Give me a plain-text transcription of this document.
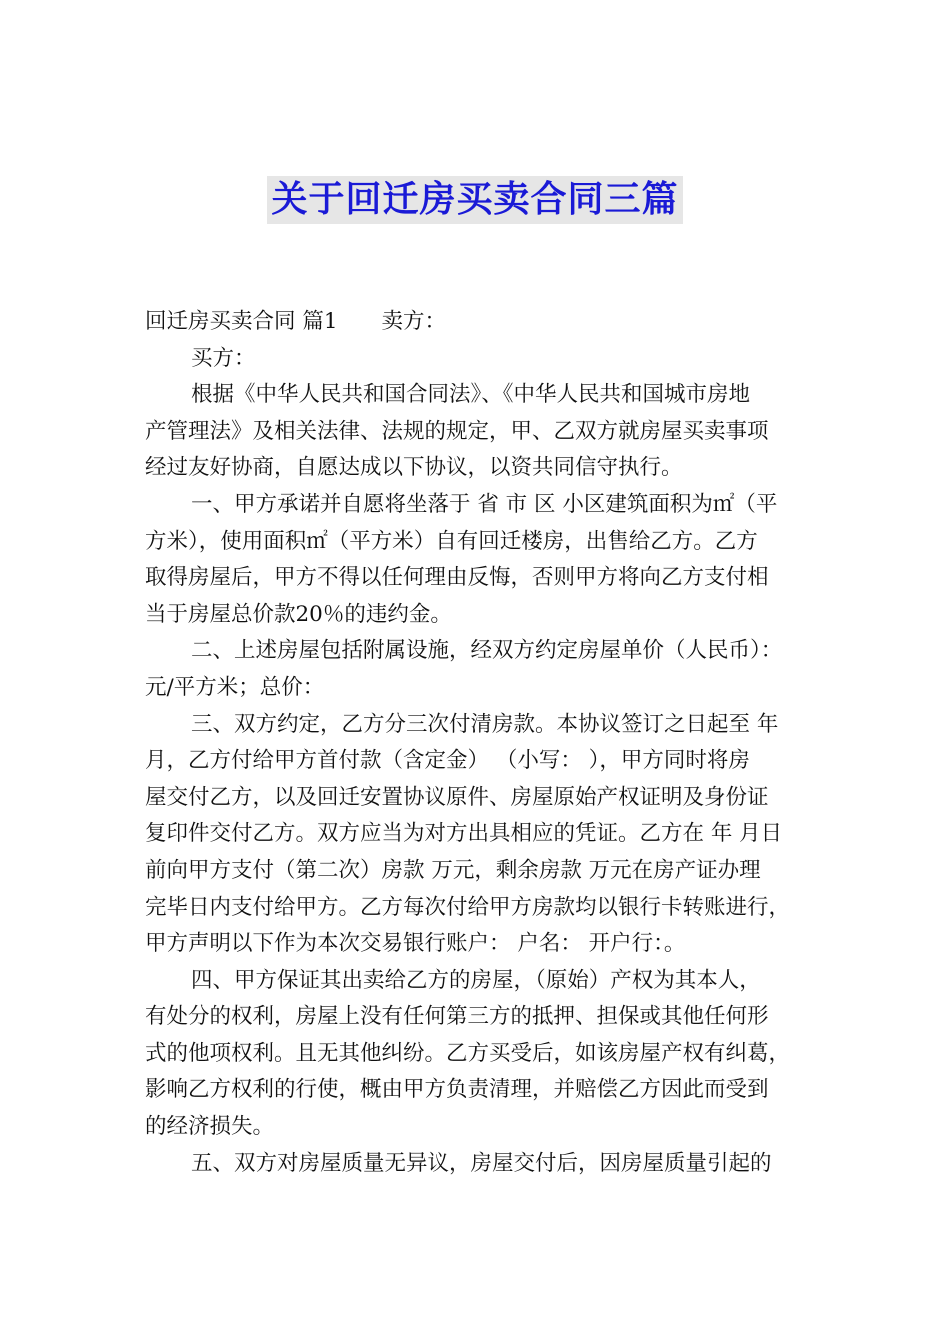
关于回迁房买卖合同三篇
回迁房买卖合同 篇1 卖方：
买方：
根据《中华人民共和国合同法》、《中华人民共和国城市房地
产管理法》及相关法律、法规的规定，甲、乙双方就房屋买卖事项
经过友好协商，自愿达成以下协议，以资共同信守执行。
一、甲方承诺并自愿将坐落于 省 市 区 小区建筑面积为㎡（平
方米），使用面积㎡（平方米）自有回迁楼房，出售给乙方。乙方
取得房屋后，甲方不得以任何理由反悔，否则甲方将向乙方支付相
当于房屋总价款20％的违约金。
二、上述房屋包括附属设施，经双方约定房屋单价（人民币）：
元/平方米；总价：
三、双方约定，乙方分三次付清房款。本协议签订之日起至 年
月，乙方付给甲方首付款（含定金） （小写： ），甲方同时将房
屋交付乙方，以及回迁安置协议原件、房屋原始产权证明及身份证
复印件交付乙方。双方应当为对方出具相应的凭证。乙方在 年 月日
前向甲方支付（第二次）房款 万元，剩余房款 万元在房产证办理
完毕日内支付给甲方。乙方每次付给甲方房款均以银行卡转账进行，
甲方声明以下作为本次交易银行账户： 户名： 开户行：。
四、甲方保证其出卖给乙方的房屋，（原始）产权为其本人，
有处分的权利，房屋上没有任何第三方的抵押、担保或其他任何形
式的他项权利。且无其他纠纷。乙方买受后，如该房屋产权有纠葛，
影响乙方权利的行使，概由甲方负责清理，并赔偿乙方因此而受到
的经济损失。
五、双方对房屋质量无异议，房屋交付后，因房屋质量引起的
